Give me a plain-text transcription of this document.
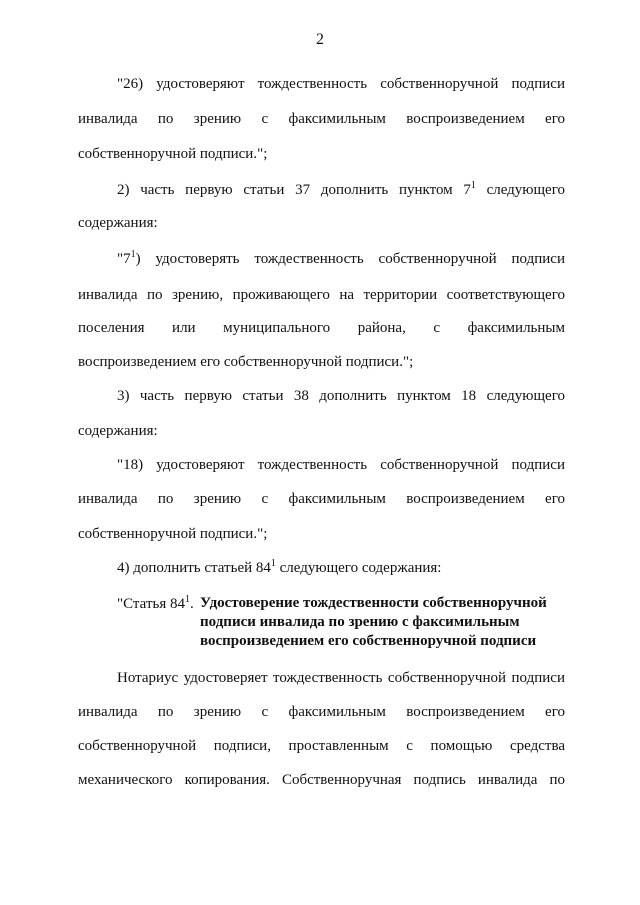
2
"26) удостоверяют тождественность собственноручной подписи
инвалида по зрению с факсимильным воспроизведением его
собственноручной подписи.";
2) часть первую статьи 37 дополнить пунктом $7^1$ следующего
содержания:
"$7^1$) удостоверять тождественность собственноручной подписи
инвалида по зрению, проживающего на территории соответствующего
поселения или муниципального района, с факсимильным
воспроизведением его собственноручной подписи.";
3) часть первую статьи 38 дополнить пунктом 18 следующего
содержания:
"18) удостоверяют тождественность собственноручной подписи
инвалида по зрению с факсимильным воспроизведением его
собственноручной подписи.";
4) дополнить статьей $84^1$ следующего содержания:
"Статья $84^1$. Удостоверение тождественности собственноручной
подписи инвалида по зрению с факсимильным
воспроизведением его собственноручной подписи
Нотариус удостоверяет тождественность собственноручной подписи
инвалида по зрению с факсимильным воспроизведением его
собственноручной подписи, проставленным с помощью средства
механического копирования. Собственноручная подпись инвалида по
